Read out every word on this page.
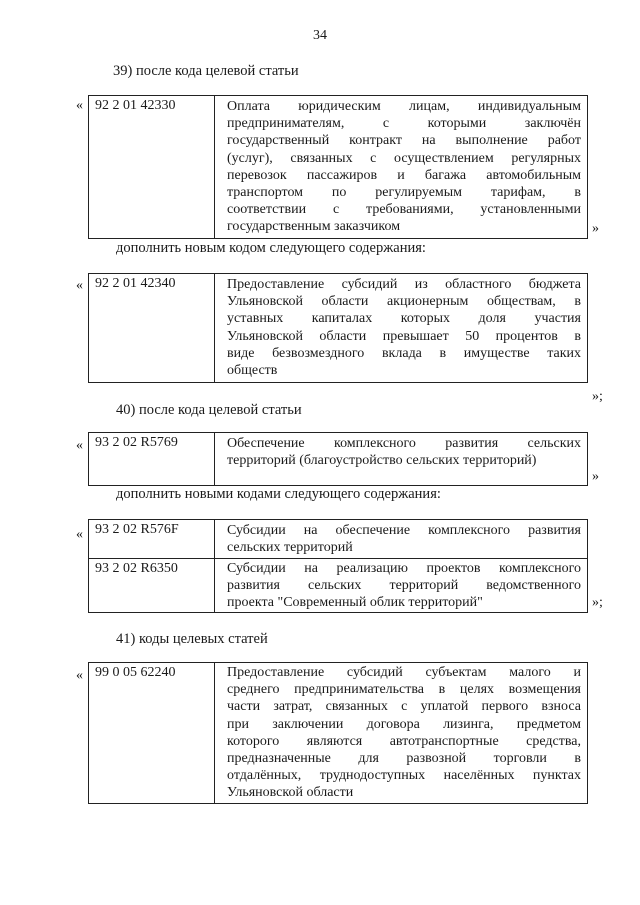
34
39) после кода целевой статьи
« 92 2 01 42330	Оплата юридическим лицам, индивидуальным
предпринимателям, с которыми заключён
государственный контракт на выполнение работ
(услуг), связанных с осуществлением регулярных
перевозок пассажиров и багажа автомобильным
транспортом по регулируемым тарифам, в
соответствии с требованиями, установленными
государственным заказчиком	»
дополнить новым кодом следующего содержания:
« 92 2 01 42340	Предоставление субсидий из областного бюджета
Ульяновской области акционерным обществам, в
уставных капиталах которых доля участия
Ульяновской области превышает 50 процентов в
виде безвозмездного вклада в имуществе таких
обществ
»;
40) после кода целевой статьи
« 93 2 02 R5769	Обеспечение комплексного развития сельских
территорий (благоустройство сельских территорий)
»
дополнить новыми кодами следующего содержания:
« 93 2 02 R576F	Субсидии на обеспечение комплексного развития
сельских территорий
93 2 02 R6350	Субсидии на реализацию проектов комплексного
развития сельских территорий ведомственного
проекта "Современный облик территорий"	»;
41) коды целевых статей
« 99 0 05 62240	Предоставление субсидий субъектам малого и
среднего предпринимательства в целях возмещения
части затрат, связанных с уплатой первого взноса
при заключении договора лизинга, предметом
которого являются автотранспортные средства,
предназначенные для развозной торговли в
отдалённых, труднодоступных населённых пунктах
Ульяновской области
